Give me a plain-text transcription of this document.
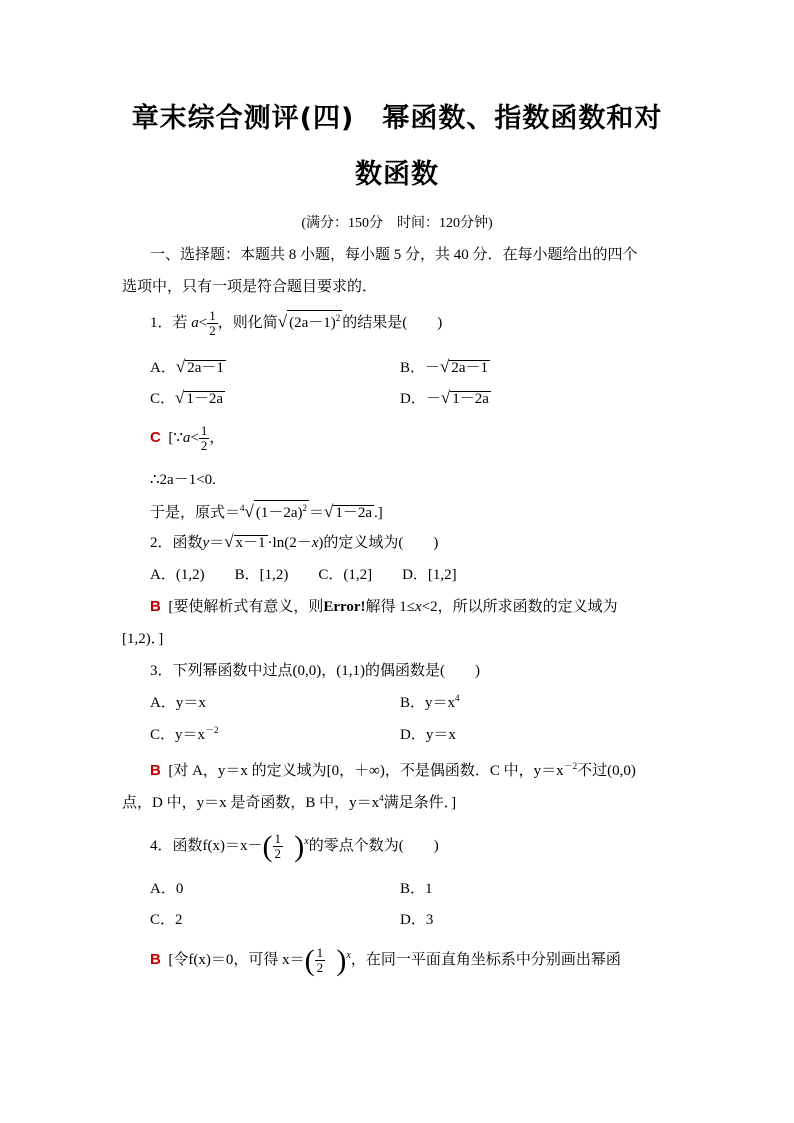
章末综合测评(四)　幂函数、指数函数和对
数函数
(满分：150分　时间：120分钟)
一、选择题：本题共 8 小题，每小题 5 分，共 40 分．在每小题给出的四个
选项中，只有一项是符合题目要求的．
1．若 $a< \frac{1}{2}$ ，则化简√ $(2a-1)^2$ 的结果是(　　)
A．√ 2a－1	B．－√ 2a－1
C．√ 1－2a	D．－√ 1－2a
C [∵a< $\frac{1}{2}$ ，
∴2a－1<0.
于是，原式＝$^4$√ $(1-2a)^2$ ＝√ 1－2a .]
2．函数y＝√ x－1 ·ln(2－x)的定义域为(　　)
A．(1,2)　　B．[1,2)　　C．(1,2]　　D．[1,2]
B [要使解析式有意义，则Error!解得 1≤x<2，所以所求函数的定义域为
[1,2)．]
3．下列幂函数中过点(0,0)，(1,1)的偶函数是(　　)
A．y＝x	B．$y=x^4$
C．$y=x^{-2}$	D．y＝x
B [对 A，y＝x 的定义域为[0，＋∞)，不是偶函数．C 中，$y=x^{-2}$不过(0,0)
点，D 中，y＝x 是奇函数，B 中，$y=x^4$满足条件．]
4．函数$f(x)=x-( \frac{1}{2} )^x$的零点个数为(　　)
A．0	B．1
C．2	D．3
B [令f(x)＝0，可得 $x=( \frac{1}{2} )^x$，在同一平面直角坐标系中分别画出幂函
